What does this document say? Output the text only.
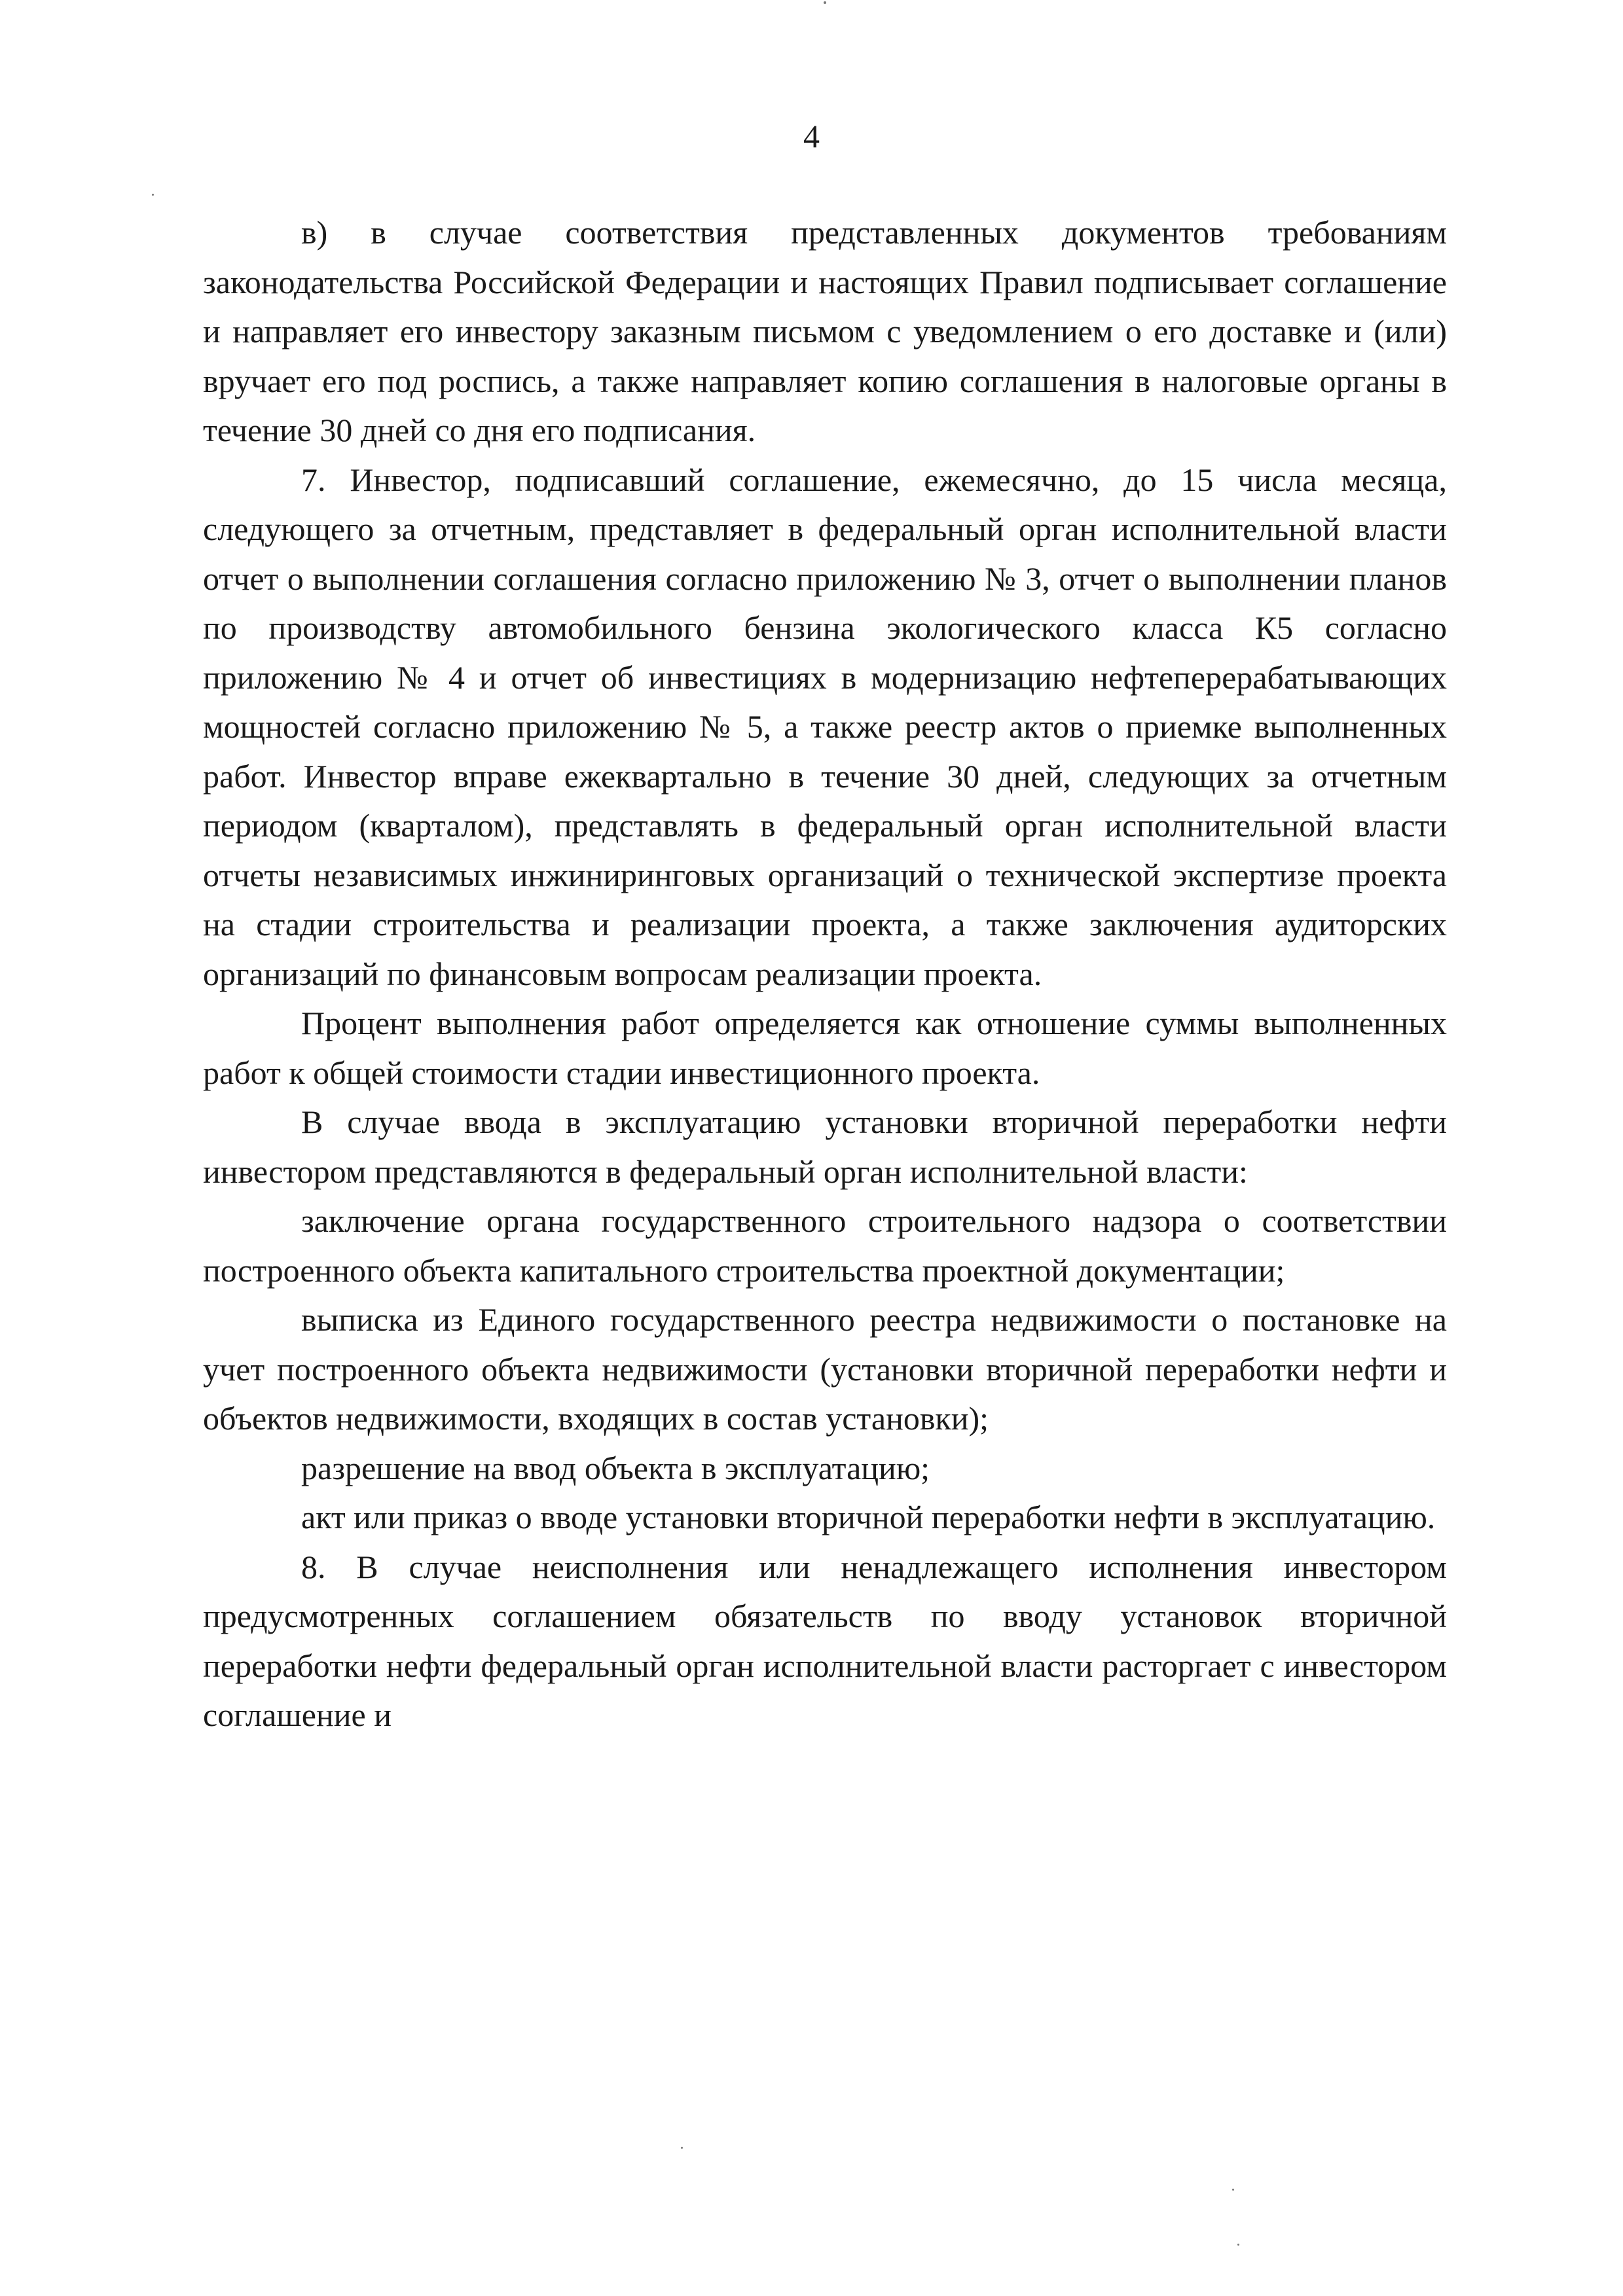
4

в) в случае соответствия представленных документов требованиям законодательства Российской Федерации и настоящих Правил подписывает соглашение и направляет его инвестору заказным письмом с уведомлением о его доставке и (или) вручает его под роспись, а также направляет копию соглашения в налоговые органы в течение 30 дней со дня его подписания.

7. Инвестор, подписавший соглашение, ежемесячно, до 15 числа месяца, следующего за отчетным, представляет в федеральный орган исполнительной власти отчет о выполнении соглашения согласно приложению № 3, отчет о выполнении планов по производству автомобильного бензина экологического класса К5 согласно приложению № 4 и отчет об инвестициях в модернизацию нефтеперерабатывающих мощностей согласно приложению № 5, а также реестр актов о приемке выполненных работ. Инвестор вправе ежеквартально в течение 30 дней, следующих за отчетным периодом (кварталом), представлять в федеральный орган исполнительной власти отчеты независимых инжиниринговых организаций о технической экспертизе проекта на стадии строительства и реализации проекта, а также заключения аудиторских организаций по финансовым вопросам реализации проекта.

Процент выполнения работ определяется как отношение суммы выполненных работ к общей стоимости стадии инвестиционного проекта.

В случае ввода в эксплуатацию установки вторичной переработки нефти инвестором представляются в федеральный орган исполнительной власти:

заключение органа государственного строительного надзора о соответствии построенного объекта капитального строительства проектной документации;

выписка из Единого государственного реестра недвижимости о постановке на учет построенного объекта недвижимости (установки вторичной переработки нефти и объектов недвижимости, входящих в состав установки);

разрешение на ввод объекта в эксплуатацию;

акт или приказ о вводе установки вторичной переработки нефти в эксплуатацию.

8. В случае неисполнения или ненадлежащего исполнения инвестором предусмотренных соглашением обязательств по вводу установок вторичной переработки нефти федеральный орган исполнительной власти расторгает с инвестором соглашение и
